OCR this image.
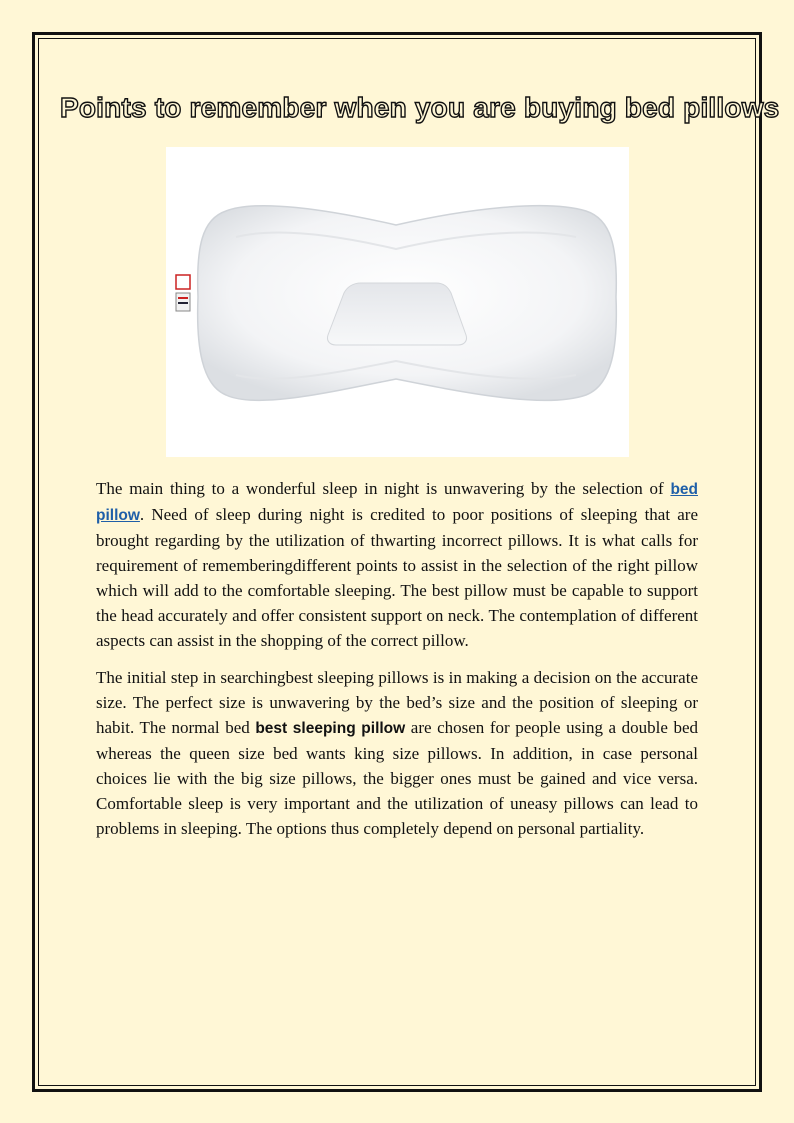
Points to remember when you are buying bed pillows

The main thing to a wonderful sleep in night is unwavering by the selection of bed pillow. Need of sleep during night is credited to poor positions of sleeping that are brought regarding by the utilization of thwarting incorrect pillows. It is what calls for requirement of rememberingdifferent points to assist in the selection of the right pillow which will add to the comfortable sleeping. The best pillow must be capable to support the head accurately and offer consistent support on neck. The contemplation of different aspects can assist in the shopping of the correct pillow.

The initial step in searchingbest sleeping pillows is in making a decision on the accurate size. The perfect size is unwavering by the bed’s size and the position of sleeping or habit. The normal bed best sleeping pillow are chosen for people using a double bed whereas the queen size bed wants king size pillows. In addition, in case personal choices lie with the big size pillows, the bigger ones must be gained and vice versa. Comfortable sleep is very important and the utilization of uneasy pillows can lead to problems in sleeping. The options thus completely depend on personal partiality.
